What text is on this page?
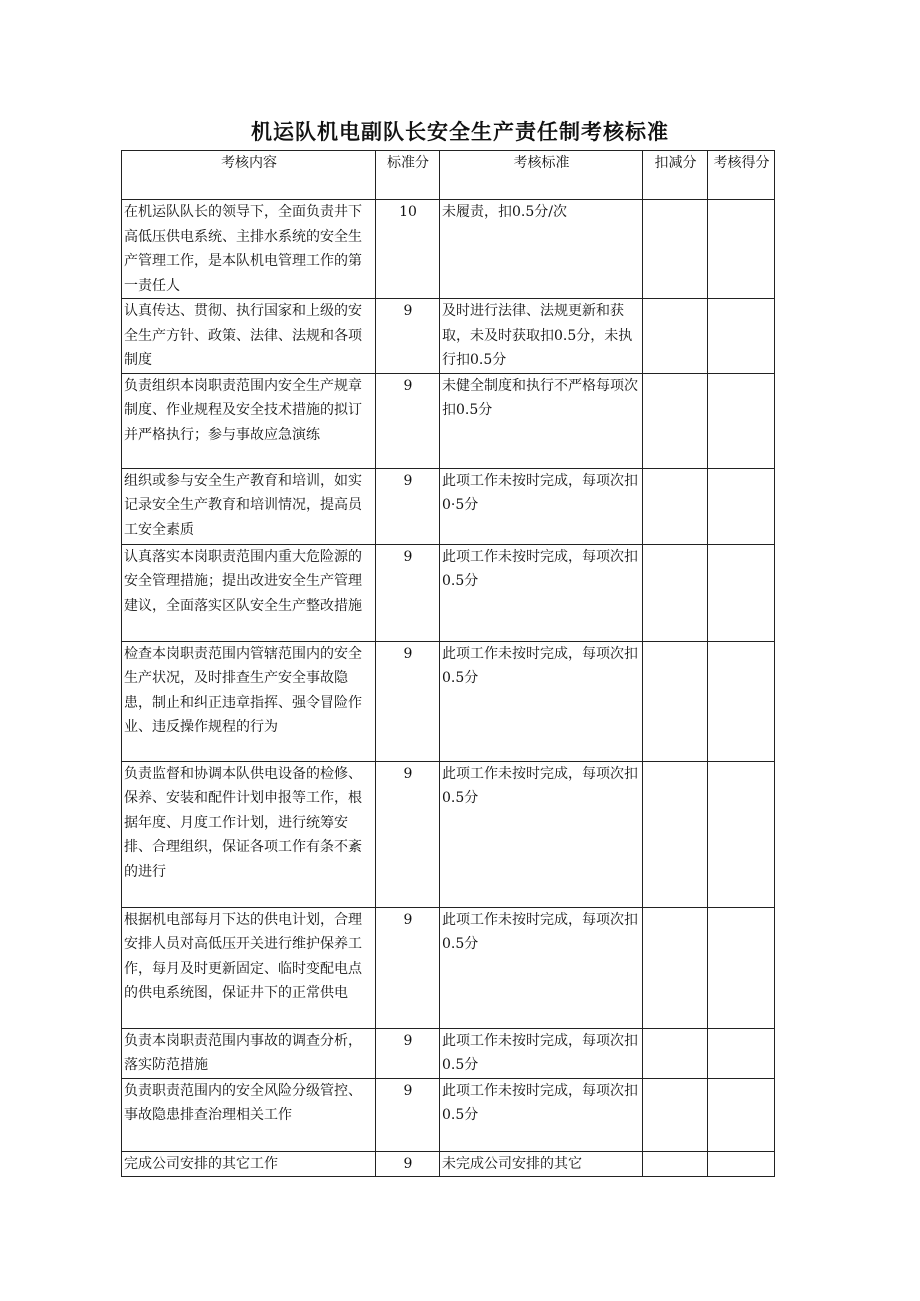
机运队机电副队长安全生产责任制考核标准
考核内容	标准分	考核标准	扣减分	考核得分
在机运队队长的领导下，全面负责井下高低压供电系统、主排水系统的安全生产管理工作，是本队机电管理工作的第一责任人	10	未履责，扣0.5分/次		
认真传达、贯彻、执行国家和上级的安全生产方针、政策、法律、法规和各项制度	9	及时进行法律、法规更新和获取，未及时获取扣0.5分，未执行扣0.5分		
负责组织本岗职责范围内安全生产规章制度、作业规程及安全技术措施的拟订并严格执行；参与事故应急演练	9	未健全制度和执行不严格每项次扣0.5分		
组织或参与安全生产教育和培训，如实记录安全生产教育和培训情况，提高员工安全素质	9	此项工作未按时完成，每项次扣0·5分		
认真落实本岗职责范围内重大危险源的安全管理措施；提出改进安全生产管理建议，全面落实区队安全生产整改措施	9	此项工作未按时完成，每项次扣0.5分		
检查本岗职责范围内管辖范围内的安全生产状况，及时排查生产安全事故隐患，制止和纠正违章指挥、强令冒险作业、违反操作规程的行为	9	此项工作未按时完成，每项次扣0.5分		
负责监督和协调本队供电设备的检修、保养、安装和配件计划申报等工作，根据年度、月度工作计划，进行统筹安排、合理组织，保证各项工作有条不紊的进行	9	此项工作未按时完成，每项次扣0.5分		
根据机电部每月下达的供电计划，合理安排人员对高低压开关进行维护保养工作，每月及时更新固定、临时变配电点的供电系统图，保证井下的正常供电	9	此项工作未按时完成，每项次扣0.5分		
负责本岗职责范围内事故的调查分析，落实防范措施	9	此项工作未按时完成，每项次扣0.5分		
负责职责范围内的安全风险分级管控、事故隐患排查治理相关工作	9	此项工作未按时完成，每项次扣0.5分		
完成公司安排的其它工作	9	未完成公司安排的其它		
